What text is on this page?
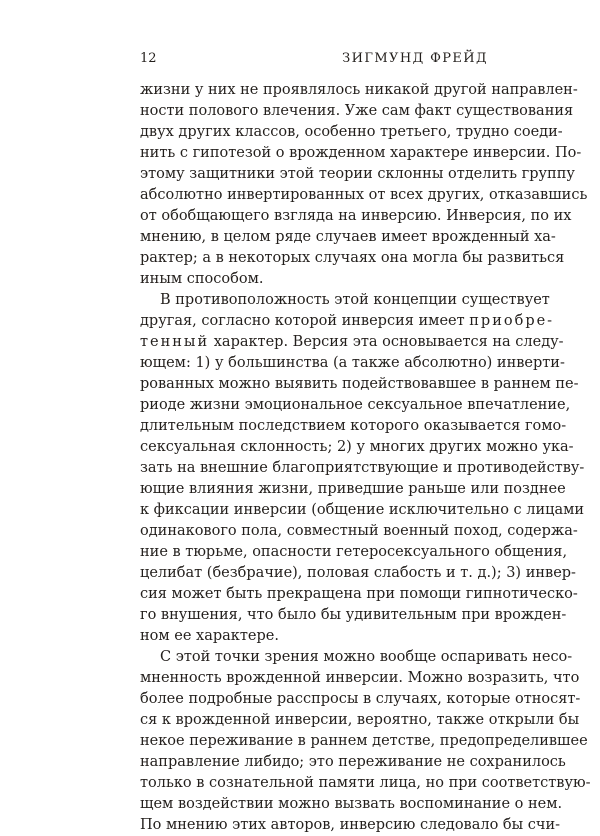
12	ЗИГМУНД ФРЕЙД
жизни у них не проявлялось никакой другой направлен-
ности полового влечения. Уже сам факт существования
двух других классов, особенно третьего, трудно соеди-
нить с гипотезой о врожденном характере инверсии. По-
этому защитники этой теории склонны отделить группу
абсолютно инвертированных от всех других, отказавшись
от обобщающего взгляда на инверсию. Инверсия, по их
мнению, в целом ряде случаев имеет врожденный ха-
рактер; а в некоторых случаях она могла бы развиться
иным способом.
В противоположность этой концепции существует
другая, согласно которой инверсия имеет приобре-
тенный характер. Версия эта основывается на следу-
ющем: 1) у большинства (а также абсолютно) инверти-
рованных можно выявить подействовавшее в раннем пе-
риоде жизни эмоциональное сексуальное впечатление,
длительным последствием которого оказывается гомо-
сексуальная склонность; 2) у многих других можно ука-
зать на внешние благоприятствующие и противодейству-
ющие влияния жизни, приведшие раньше или позднее
к фиксации инверсии (общение исключительно с лицами
одинакового пола, совместный военный поход, содержа-
ние в тюрьме, опасности гетеросексуального общения,
целибат (безбрачие), половая слабость и т. д.); 3) инвер-
сия может быть прекращена при помощи гипнотическо-
го внушения, что было бы удивительным при врожден-
ном ее характере.
С этой точки зрения можно вообще оспаривать несо-
мненность врожденной инверсии. Можно возразить, что
более подробные расспросы в случаях, которые относят-
ся к врожденной инверсии, вероятно, также открыли бы
некое переживание в раннем детстве, предопределившее
направление либидо; это переживание не сохранилось
только в сознательной памяти лица, но при соответствую-
щем воздействии можно вызвать воспоминание о нем.
По мнению этих авторов, инверсию следовало бы счи-
